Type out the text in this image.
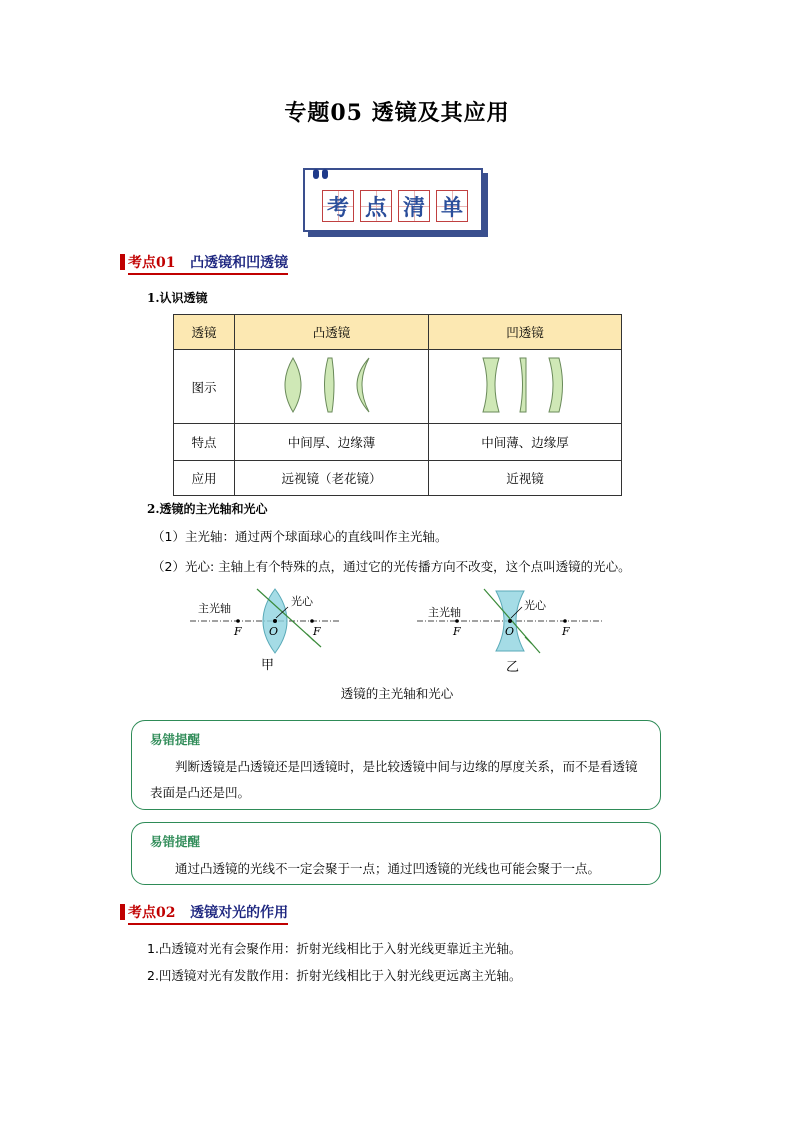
专题05 透镜及其应用
考 点 清 单
考点01 凸透镜和凹透镜
1.认识透镜
透镜	凸透镜	凹透镜
图示		
特点	中间厚、边缘薄	中间薄、边缘厚
应用	远视镜（老花镜）	近视镜
2.透镜的主光轴和光心
（1）主光轴：通过两个球面球心的直线叫作主光轴。
（2）光心: 主轴上有个特殊的点，通过它的光传播方向不改变，这个点叫透镜的光心。
主光轴
光心
F O	F
甲
主光轴
光心
F	O	F
乙
透镜的主光轴和光心
易错提醒
判断透镜是凸透镜还是凹透镜时，是比较透镜中间与边缘的厚度关系，而不是看透镜表面是凸还是凹。
易错提醒
通过凸透镜的光线不一定会聚于一点；通过凹透镜的光线也可能会聚于一点。
考点02 透镜对光的作用
1.凸透镜对光有会聚作用：折射光线相比于入射光线更靠近主光轴。
2.凹透镜对光有发散作用：折射光线相比于入射光线更远离主光轴。
